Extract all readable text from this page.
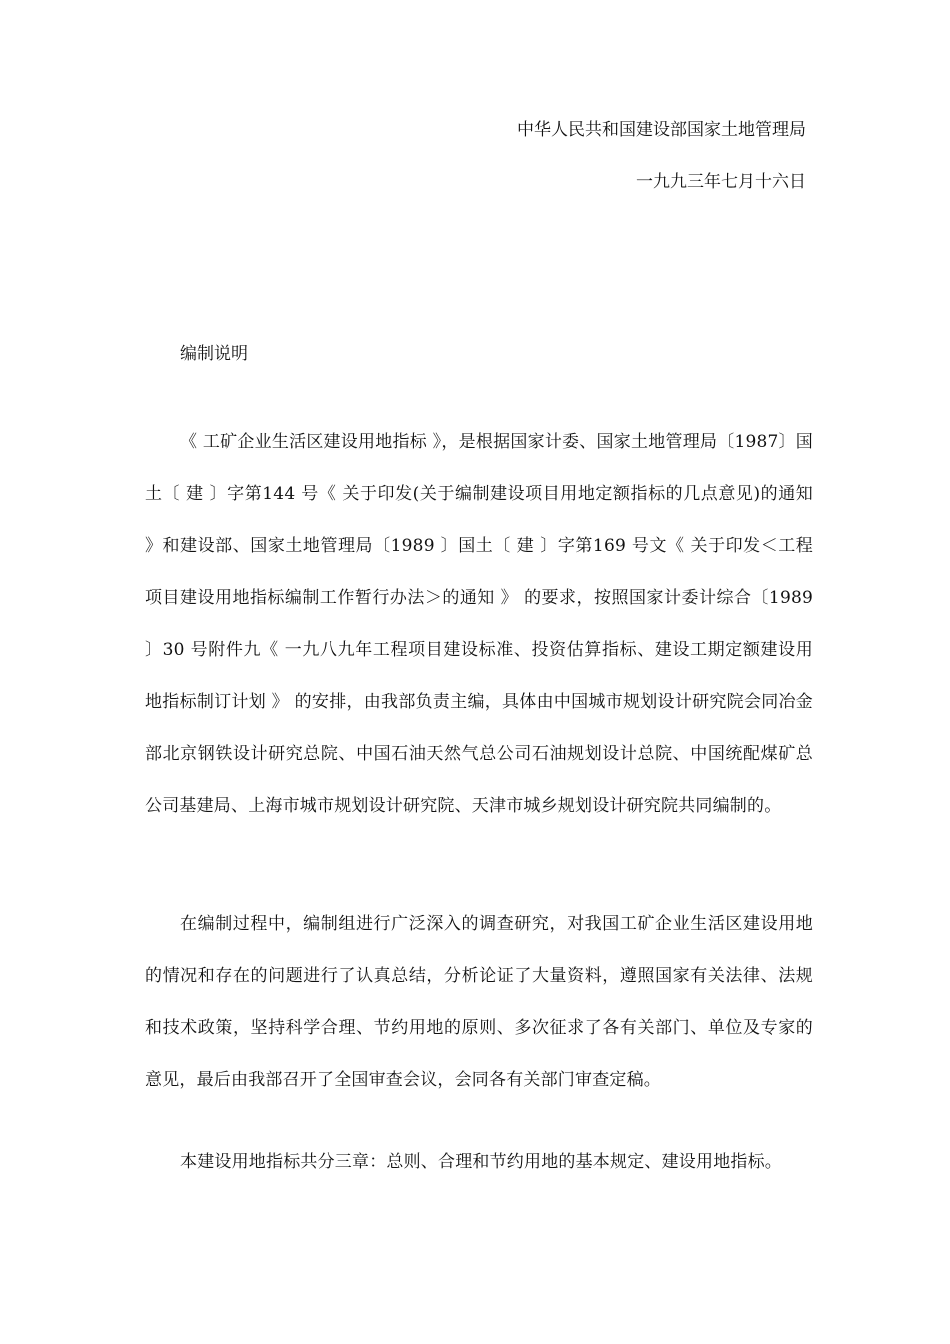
中华人民共和国建设部国家土地管理局
一九九三年七月十六日
编制说明

《 工矿企业生活区建设用地指标 》，是根据国家计委、国家土地管理局〔1987〕国土〔 建 〕字第144 号《 关于印发(关于编制建设项目用地定额指标的几点意见)的通知 》和建设部、国家土地管理局〔1989 〕国土〔 建 〕字第169 号文《 关于印发＜工程项目建设用地指标编制工作暂行办法＞的通知 》 的要求，按照国家计委计综合〔1989 〕30 号附件九《 一九八九年工程项目建设标准、投资估算指标、建设工期定额建设用地指标制订计划 》 的安排，由我部负责主编，具体由中国城市规划设计研究院会同冶金部北京钢铁设计研究总院、中国石油天然气总公司石油规划设计总院、中国统配煤矿总公司基建局、上海市城市规划设计研究院、天津市城乡规划设计研究院共同编制的。

在编制过程中，编制组进行广泛深入的调查研究，对我国工矿企业生活区建设用地的情况和存在的问题进行了认真总结，分析论证了大量资料，遵照国家有关法律、法规和技术政策，坚持科学合理、节约用地的原则、多次征求了各有关部门、单位及专家的意见，最后由我部召开了全国审查会议，会同各有关部门审查定稿。

本建设用地指标共分三章：总则、合理和节约用地的基本规定、建设用地指标。
